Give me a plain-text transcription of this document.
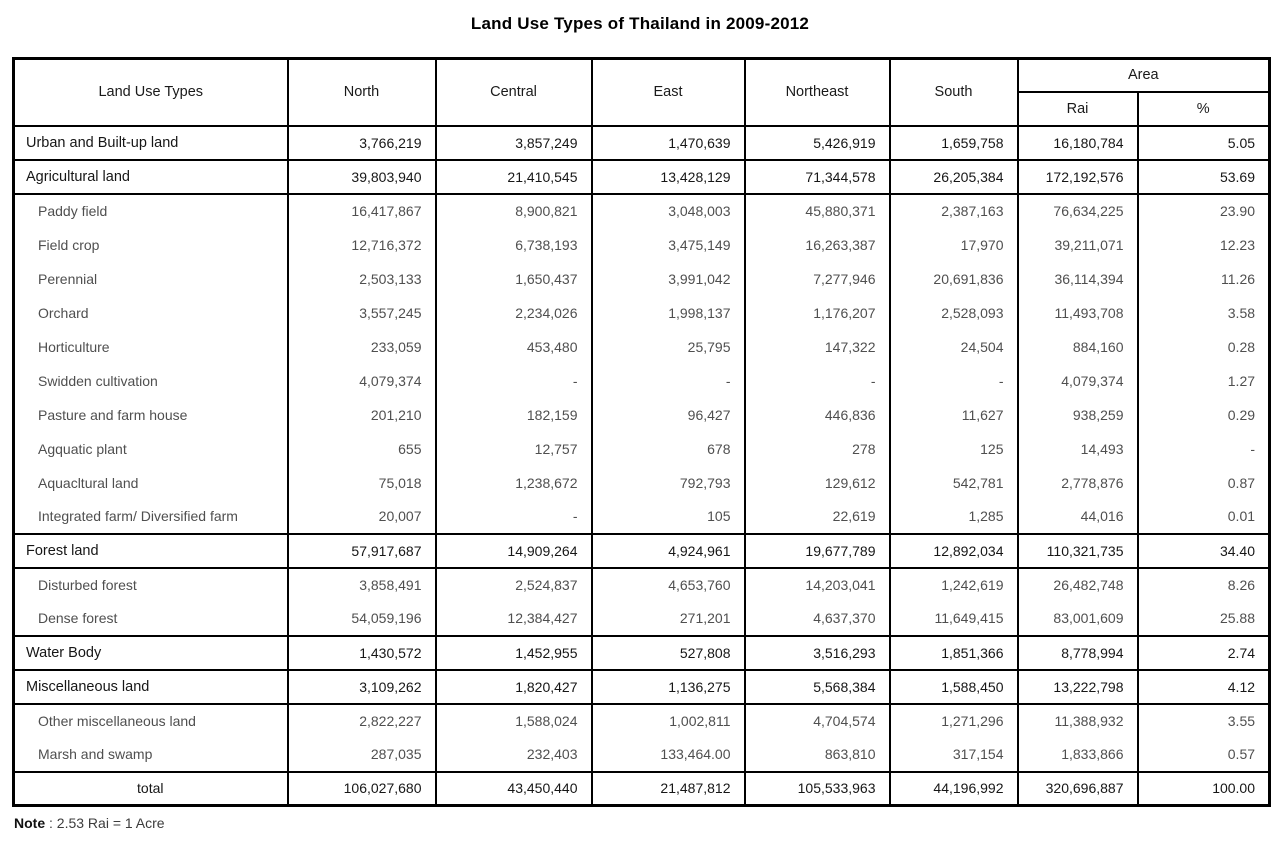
Land Use Types of Thailand in 2009-2012
Land Use Types	North	Central	East	Northeast	South	Area	
						Rai	%
Urban and Built-up land	3,766,219	3,857,249	1,470,639	5,426,919	1,659,758	16,180,784	5.05
Agricultural land	39,803,940	21,410,545	13,428,129	71,344,578	26,205,384	172,192,576	53.69
Paddy field	16,417,867	8,900,821	3,048,003	45,880,371	2,387,163	76,634,225	23.90
Field crop	12,716,372	6,738,193	3,475,149	16,263,387	17,970	39,211,071	12.23
Perennial	2,503,133	1,650,437	3,991,042	7,277,946	20,691,836	36,114,394	11.26
Orchard	3,557,245	2,234,026	1,998,137	1,176,207	2,528,093	11,493,708	3.58
Horticulture	233,059	453,480	25,795	147,322	24,504	884,160	0.28
Swidden cultivation	4,079,374	-	-	-	-	4,079,374	1.27
Pasture and farm house	201,210	182,159	96,427	446,836	11,627	938,259	0.29
Agquatic plant	655	12,757	678	278	125	14,493	-
Aquacltural land	75,018	1,238,672	792,793	129,612	542,781	2,778,876	0.87
Integrated farm/ Diversified farm	20,007	-	105	22,619	1,285	44,016	0.01
Forest land	57,917,687	14,909,264	4,924,961	19,677,789	12,892,034	110,321,735	34.40
Disturbed forest	3,858,491	2,524,837	4,653,760	14,203,041	1,242,619	26,482,748	8.26
Dense forest	54,059,196	12,384,427	271,201	4,637,370	11,649,415	83,001,609	25.88
Water Body	1,430,572	1,452,955	527,808	3,516,293	1,851,366	8,778,994	2.74
Miscellaneous land	3,109,262	1,820,427	1,136,275	5,568,384	1,588,450	13,222,798	4.12
Other miscellaneous land	2,822,227	1,588,024	1,002,811	4,704,574	1,271,296	11,388,932	3.55
Marsh and swamp	287,035	232,403	133,464.00	863,810	317,154	1,833,866	0.57
total	106,027,680	43,450,440	21,487,812	105,533,963	44,196,992	320,696,887	100.00

Note : 2.53 Rai = 1 Acre
